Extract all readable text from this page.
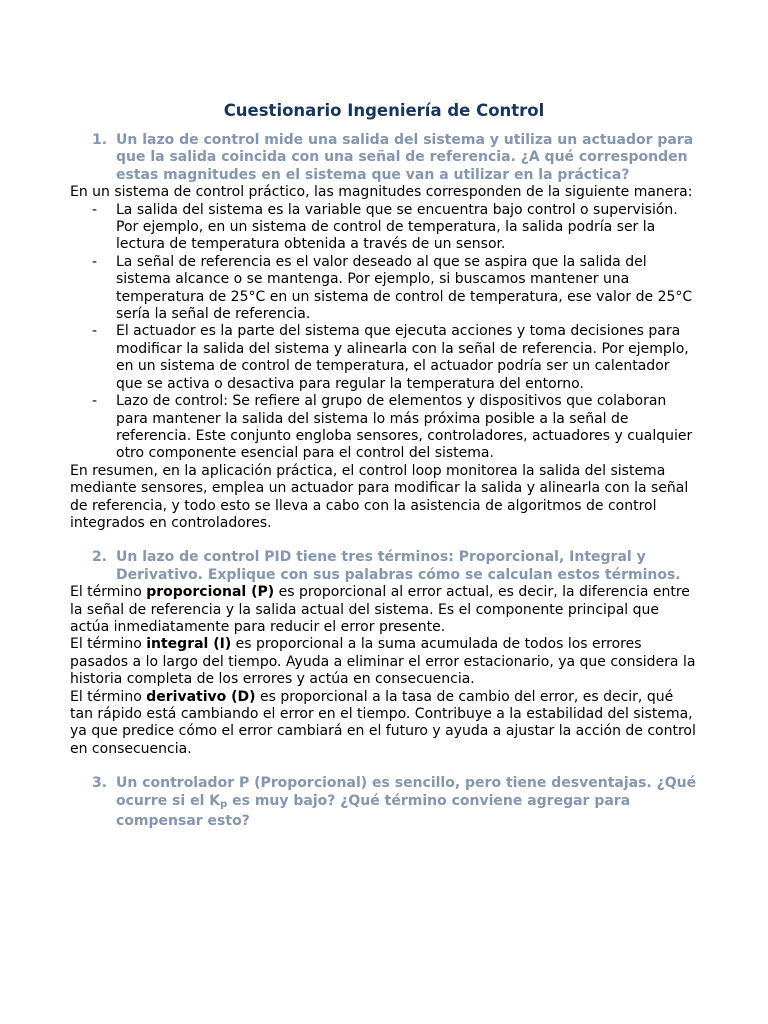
Cuestionario Ingeniería de Control
1. Un lazo de control mide una salida del sistema y utiliza un actuador para que la salida coincida con una señal de referencia. ¿A qué corresponden estas magnitudes en el sistema que van a utilizar en la práctica?

En un sistema de control práctico, las magnitudes corresponden de la siguiente manera:

- La salida del sistema es la variable que se encuentra bajo control o supervisión. Por ejemplo, en un sistema de control de temperatura, la salida podría ser la lectura de temperatura obtenida a través de un sensor.
- La señal de referencia es el valor deseado al que se aspira que la salida del sistema alcance o se mantenga. Por ejemplo, si buscamos mantener una temperatura de 25°C en un sistema de control de temperatura, ese valor de 25°C sería la señal de referencia.
- El actuador es la parte del sistema que ejecuta acciones y toma decisiones para modificar la salida del sistema y alinearla con la señal de referencia. Por ejemplo, en un sistema de control de temperatura, el actuador podría ser un calentador que se activa o desactiva para regular la temperatura del entorno.
- Lazo de control: Se refiere al grupo de elementos y dispositivos que colaboran para mantener la salida del sistema lo más próxima posible a la señal de referencia. Este conjunto engloba sensores, controladores, actuadores y cualquier otro componente esencial para el control del sistema.

En resumen, en la aplicación práctica, el control loop monitorea la salida del sistema mediante sensores, emplea un actuador para modificar la salida y alinearla con la señal de referencia, y todo esto se lleva a cabo con la asistencia de algoritmos de control integrados en controladores.

2. Un lazo de control PID tiene tres términos: Proporcional, Integral y Derivativo. Explique con sus palabras cómo se calculan estos términos.

El término proporcional (P) es proporcional al error actual, es decir, la diferencia entre la señal de referencia y la salida actual del sistema. Es el componente principal que actúa inmediatamente para reducir el error presente.

El término integral (I) es proporcional a la suma acumulada de todos los errores pasados a lo largo del tiempo. Ayuda a eliminar el error estacionario, ya que considera la historia completa de los errores y actúa en consecuencia.

El término derivativo (D) es proporcional a la tasa de cambio del error, es decir, qué tan rápido está cambiando el error en el tiempo. Contribuye a la estabilidad del sistema, ya que predice cómo el error cambiará en el futuro y ayuda a ajustar la acción de control en consecuencia.

3. Un controlador P (Proporcional) es sencillo, pero tiene desventajas. ¿Qué ocurre si el $K_p$ es muy bajo? ¿Qué término conviene agregar para compensar esto?
